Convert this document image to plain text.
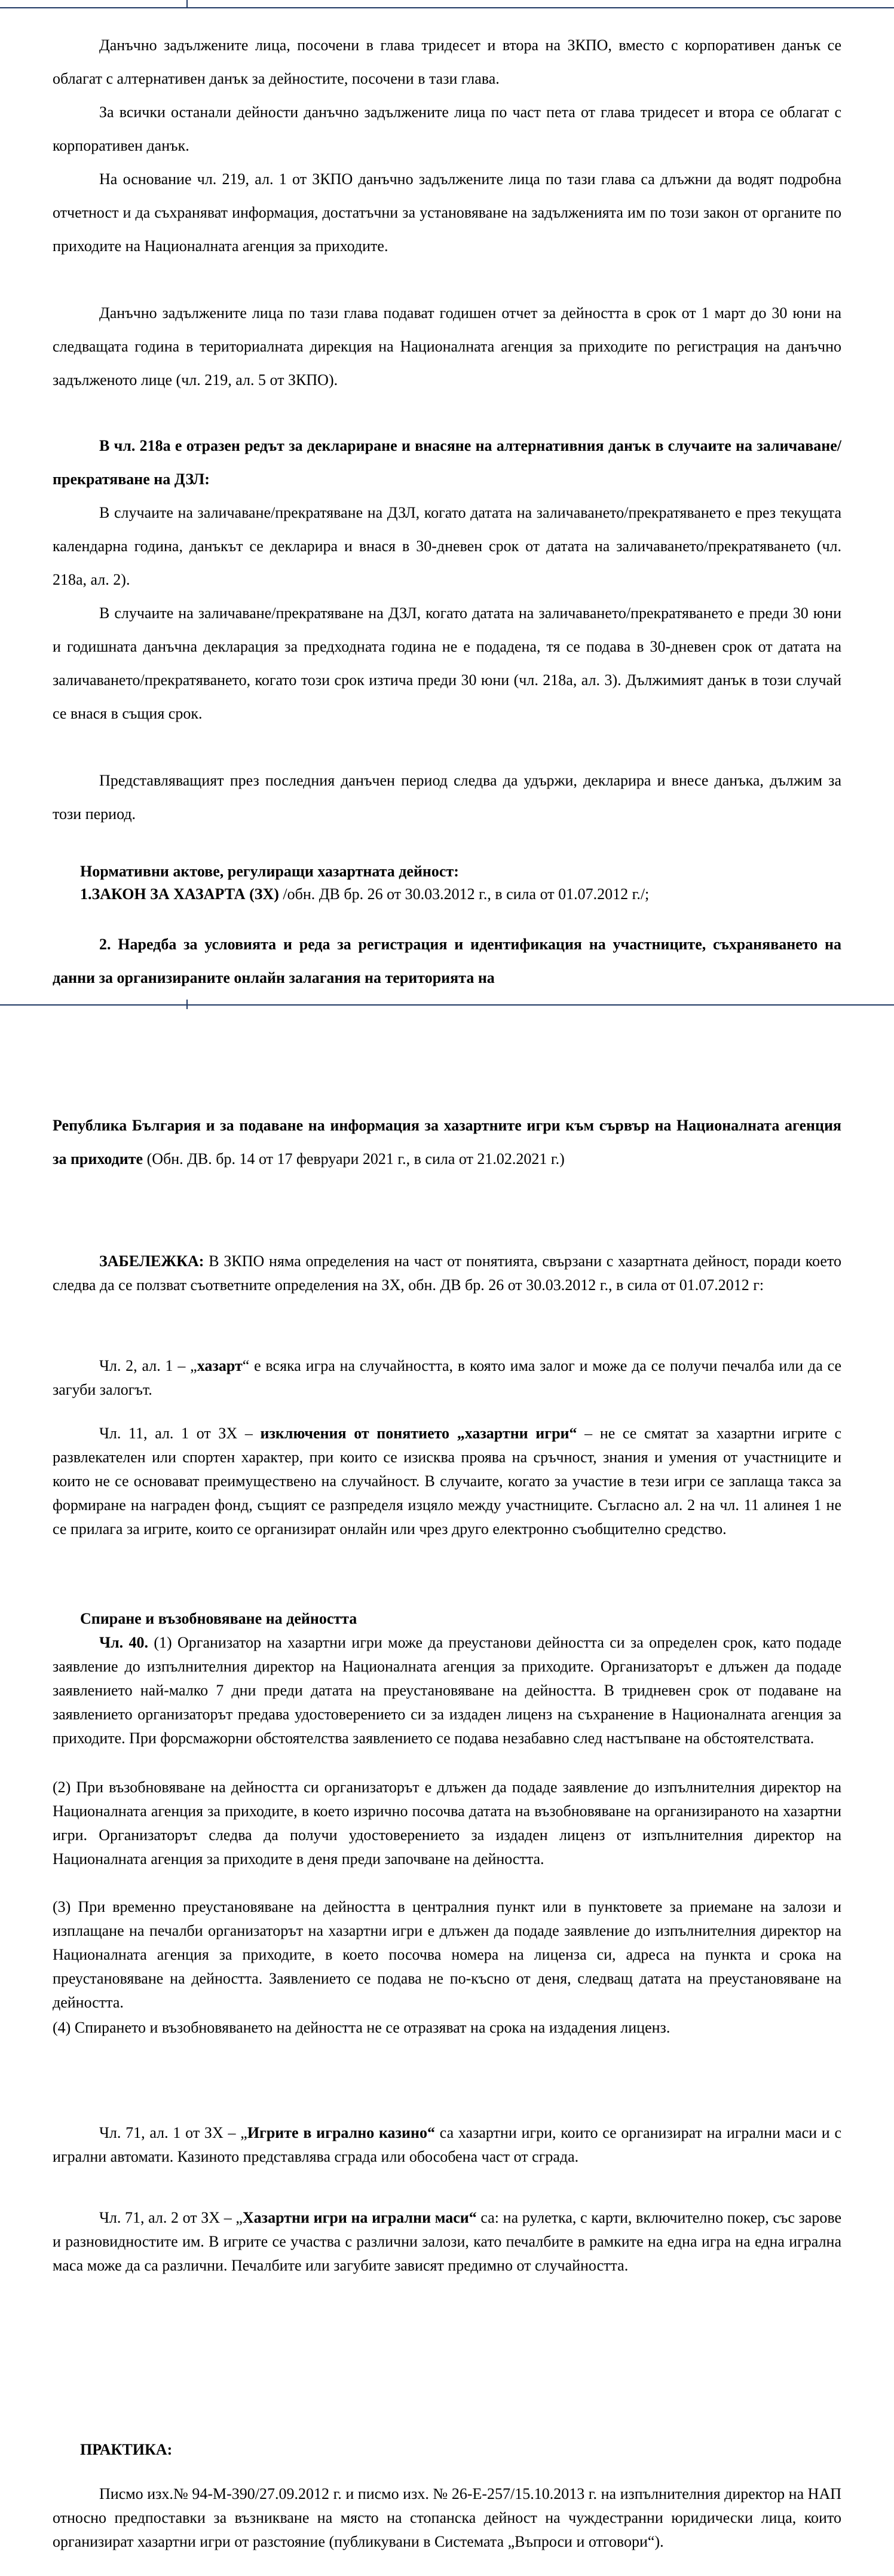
Данъчно задължените лица, посочени в глава тридесет и втора на ЗКПО, вместо с корпоративен данък се облагат с алтернативен данък за дейностите, посочени в тази глава.

За всички останали дейности данъчно задължените лица по част пета от глава тридесет и втора се облагат с корпоративен данък.

На основание чл. 219, ал. 1 от ЗКПО данъчно задължените лица по тази глава са длъжни да водят подробна отчетност и да съхраняват информация, достатъчни за установяване на задълженията им по този закон от органите по приходите на Националната агенция за приходите.

Данъчно задължените лица по тази глава подават годишен отчет за дейността в срок от 1 март до 30 юни на следващата година в териториалната дирекция на Националната агенция за приходите по регистрация на данъчно задълженото лице (чл. 219, ал. 5 от ЗКПО).

В чл. 218а е отразен редът за деклариране и внасяне на алтернативния данък в случаите на заличаване/прекратяване на ДЗЛ:

В случаите на заличаване/прекратяване на ДЗЛ, когато датата на заличаването/прекратяването е през текущата календарна година, данъкът се декларира и внася в 30-дневен срок от датата на заличаването/прекратяването (чл. 218а, ал. 2).

В случаите на заличаване/прекратяване на ДЗЛ, когато датата на заличаването/прекратяването е преди 30 юни и годишната данъчна декларация за предходната година не е подадена, тя се подава в 30-дневен срок от датата на заличаването/прекратяването, когато този срок изтича преди 30 юни (чл. 218а, ал. 3). Дължимият данък в този случай се внася в същия срок.

Представляващият през последния данъчен период следва да удържи, декларира и внесе данъка, дължим за този период.

Нормативни актове, регулиращи хазартната дейност:

1.ЗАКОН ЗА ХАЗАРТА (ЗХ) /обн. ДВ бр. 26 от 30.03.2012 г., в сила от 01.07.2012 г./;

2. Наредба за условията и реда за регистрация и идентификация на участниците, съхраняването на данни за организираните онлайн залагания на територията на

Република България и за подаване на информация за хазартните игри към сървър на Националната агенция за приходите (Обн. ДВ. бр. 14 от 17 февруари 2021 г., в сила от 21.02.2021 г.)

ЗАБЕЛЕЖКА: В ЗКПО няма определения на част от понятията, свързани с хазартната дейност, поради което следва да се ползват съответните определения на ЗХ, обн. ДВ бр. 26 от 30.03.2012 г., в сила от 01.07.2012 г:

Чл. 2, ал. 1 – „хазарт“ е всяка игра на случайността, в която има залог и може да се получи печалба или да се загуби залогът.

Чл. 11, ал. 1 от ЗХ – изключения от понятието „хазартни игри“ – не се смятат за хазартни игрите с развлекателен или спортен характер, при които се изисква проява на сръчност, знания и умения от участниците и които не се основават преимуществено на случайност. В случаите, когато за участие в тези игри се заплаща такса за формиране на награден фонд, същият се разпределя изцяло между участниците. Съгласно ал. 2 на чл. 11 алинея 1 не се прилага за игрите, които се организират онлайн или чрез друго електронно съобщително средство.

Спиране и възобновяване на дейността

Чл. 40. (1) Организатор на хазартни игри може да преустанови дейността си за определен срок, като подаде заявление до изпълнителния директор на Националната агенция за приходите. Организаторът е длъжен да подаде заявлението най-малко 7 дни преди датата на преустановяване на дейността. В тридневен срок от подаване на заявлението организаторът предава удостоверението си за издаден лиценз на съхранение в Националната агенция за приходите. При форсмажорни обстоятелства заявлението се подава незабавно след настъпване на обстоятелствата.

(2) При възобновяване на дейността си организаторът е длъжен да подаде заявление до изпълнителния директор на Националната агенция за приходите, в което изрично посочва датата на възобновяване на организираното на хазартни игри. Организаторът следва да получи удостоверението за издаден лиценз от изпълнителния директор на Националната агенция за приходите в деня преди започване на дейността.

(3) При временно преустановяване на дейността в централния пункт или в пунктовете за приемане на залози и изплащане на печалби организаторът на хазартни игри е длъжен да подаде заявление до изпълнителния директор на Националната агенция за приходите, в което посочва номера на лиценза си, адреса на пункта и срока на преустановяване на дейността. Заявлението се подава не по-късно от деня, следващ датата на преустановяване на дейността.

(4) Спирането и възобновяването на дейността не се отразяват на срока на издадения лиценз.

Чл. 71, ал. 1 от ЗХ – „Игрите в игрално казино“ са хазартни игри, които се организират на игрални маси и с игрални автомати. Казиното представлява сграда или обособена част от сграда.

Чл. 71, ал. 2 от ЗХ – „Хазартни игри на игрални маси“ са: на рулетка, с карти, включително покер, със зарове и разновидностите им. В игрите се участва с различни залози, като печалбите в рамките на една игра на една игрална маса може да са различни. Печалбите или загубите зависят предимно от случайността.

ПРАКТИКА:

Писмо изх.№ 94-М-390/27.09.2012 г. и писмо изх. № 26-Е-257/15.10.2013 г. на изпълнителния директор на НАП относно предпоставки за възникване на място на стопанска дейност на чуждестранни юридически лица, които организират хазартни игри от разстояние (публикувани в Системата „Въпроси и отговори“).
